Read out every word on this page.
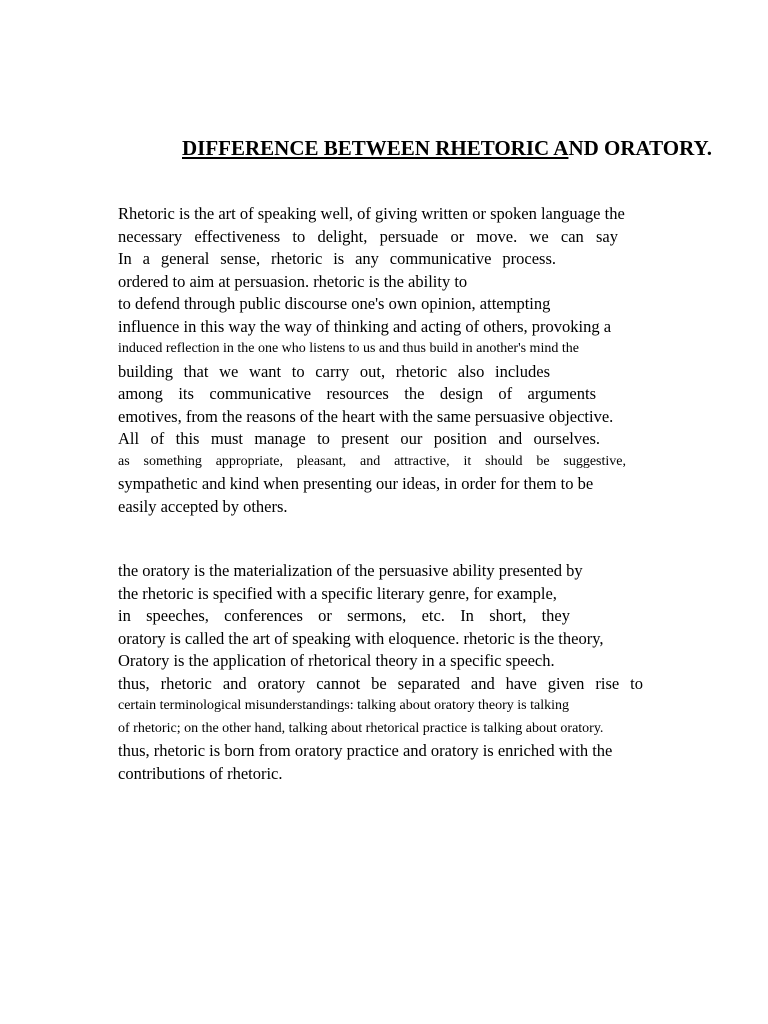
DIFFERENCE BETWEEN RHETORIC AND ORATORY.
Rhetoric is the art of speaking well, of giving written or spoken language the
necessary effectiveness to delight, persuade or move. we can say
In a general sense, rhetoric is any communicative process.
ordered to aim at persuasion. rhetoric is the ability to
to defend through public discourse one's own opinion, attempting
influence in this way the way of thinking and acting of others, provoking a
induced reflection in the one who listens to us and thus build in another's mind the
building that we want to carry out, rhetoric also includes
among its communicative resources the design of arguments
emotives, from the reasons of the heart with the same persuasive objective.
All of this must manage to present our position and ourselves.
as something appropriate, pleasant, and attractive, it should be suggestive,
sympathetic and kind when presenting our ideas, in order for them to be
easily accepted by others.
the oratory is the materialization of the persuasive ability presented by
the rhetoric is specified with a specific literary genre, for example,
in speeches, conferences or sermons, etc. In short, they
oratory is called the art of speaking with eloquence. rhetoric is the theory,
Oratory is the application of rhetorical theory in a specific speech.
thus, rhetoric and oratory cannot be separated and have given rise to
certain terminological misunderstandings: talking about oratory theory is talking
of rhetoric; on the other hand, talking about rhetorical practice is talking about oratory.
thus, rhetoric is born from oratory practice and oratory is enriched with the
contributions of rhetoric.
